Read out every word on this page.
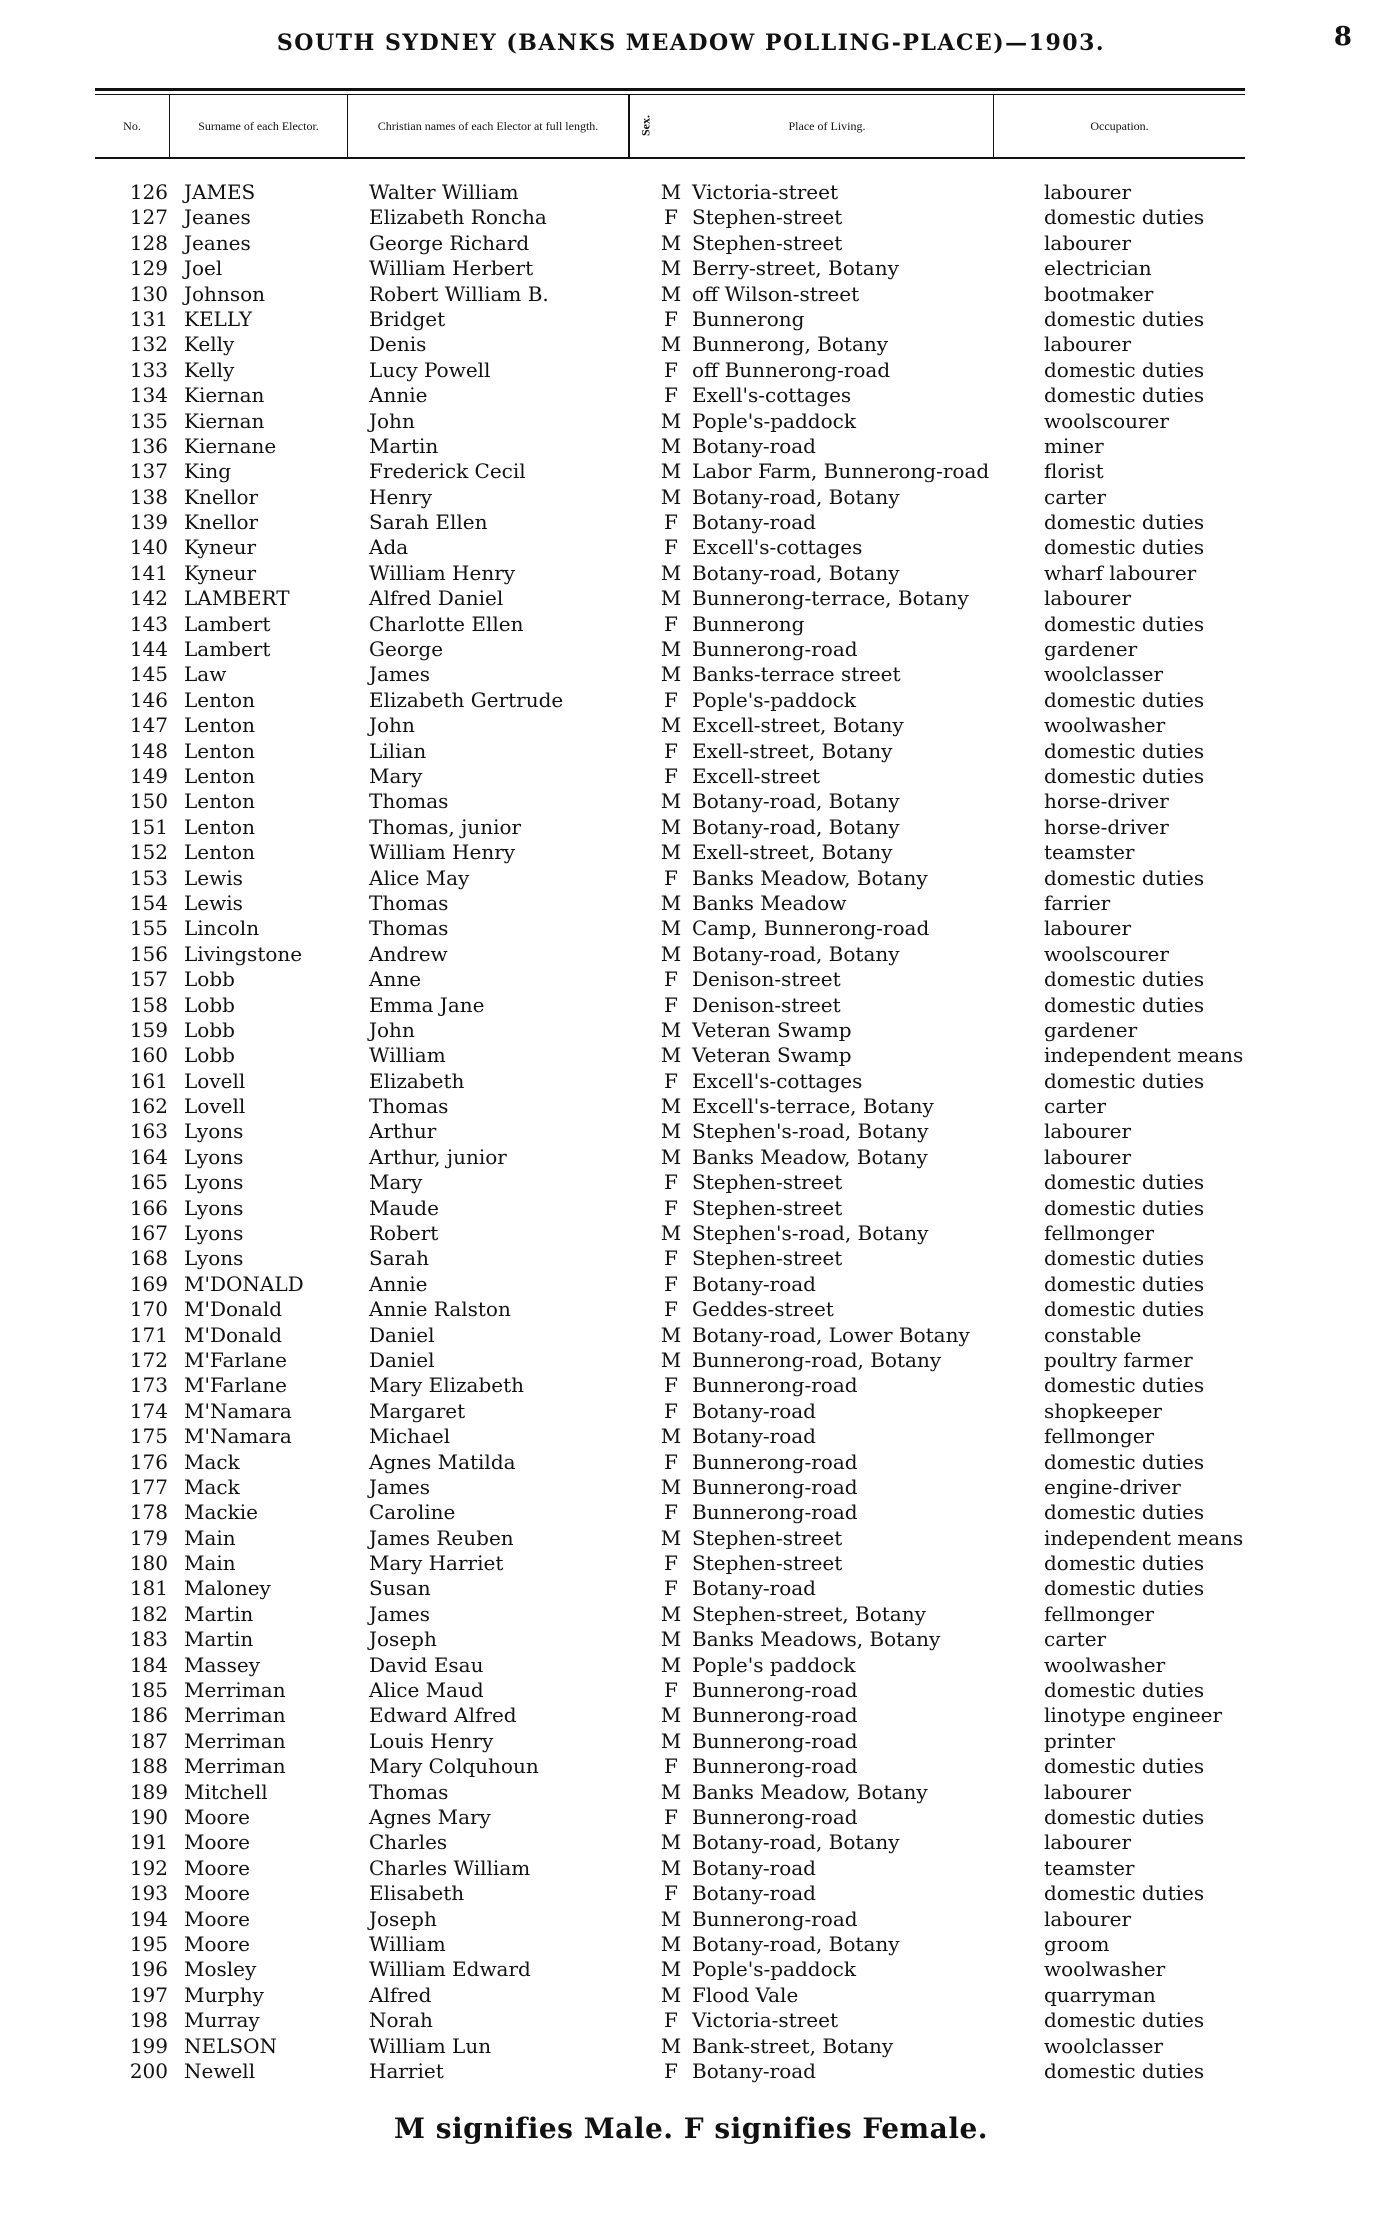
SOUTH SYDNEY (BANKS MEADOW POLLING-PLACE)—1903.	8
No.	Surname of each Elector.	Christian names of each Elector at full length.	Sex.	Place of Living.	Occupation.
126 JAMES	Walter William	M Victoria-street	labourer
127 Jeanes	Elizabeth Roncha	F Stephen-street	domestic duties
128 Jeanes	George Richard	M Stephen-street	labourer
129 Joel	William Herbert	M Berry-street, Botany	electrician
130 Johnson	Robert William B.	M off Wilson-street	bootmaker
131 KELLY	Bridget	F Bunnerong	domestic duties
132 Kelly	Denis	M Bunnerong, Botany	labourer
133 Kelly	Lucy Powell	F off Bunnerong-road	domestic duties
134 Kiernan	Annie	F Exell's-cottages	domestic duties
135 Kiernan	John	M Pople's-paddock	woolscourer
136 Kiernane	Martin	M Botany-road	miner
137 King	Frederick Cecil	M Labor Farm, Bunnerong-road	florist
138 Knellor	Henry	M Botany-road, Botany	carter
139 Knellor	Sarah Ellen	F Botany-road	domestic duties
140 Kyneur	Ada	F Excell's-cottages	domestic duties
141 Kyneur	William Henry	M Botany-road, Botany	wharf labourer
142 LAMBERT	Alfred Daniel	M Bunnerong-terrace, Botany	labourer
143 Lambert	Charlotte Ellen	F Bunnerong	domestic duties
144 Lambert	George	M Bunnerong-road	gardener
145 Law	James	M Banks-terrace street	woolclasser
146 Lenton	Elizabeth Gertrude	F Pople's-paddock	domestic duties
147 Lenton	John	M Excell-street, Botany	woolwasher
148 Lenton	Lilian	F Exell-street, Botany	domestic duties
149 Lenton	Mary	F Excell-street	domestic duties
150 Lenton	Thomas	M Botany-road, Botany	horse-driver
151 Lenton	Thomas, junior	M Botany-road, Botany	horse-driver
152 Lenton	William Henry	M Exell-street, Botany	teamster
153 Lewis	Alice May	F Banks Meadow, Botany	domestic duties
154 Lewis	Thomas	M Banks Meadow	farrier
155 Lincoln	Thomas	M Camp, Bunnerong-road	labourer
156 Livingstone	Andrew	M Botany-road, Botany	woolscourer
157 Lobb	Anne	F Denison-street	domestic duties
158 Lobb	Emma Jane	F Denison-street	domestic duties
159 Lobb	John	M Veteran Swamp	gardener
160 Lobb	William	M Veteran Swamp	independent means
161 Lovell	Elizabeth	F Excell's-cottages	domestic duties
162 Lovell	Thomas	M Excell's-terrace, Botany	carter
163 Lyons	Arthur	M Stephen's-road, Botany	labourer
164 Lyons	Arthur, junior	M Banks Meadow, Botany	labourer
165 Lyons	Mary	F Stephen-street	domestic duties
166 Lyons	Maude	F Stephen-street	domestic duties
167 Lyons	Robert	M Stephen's-road, Botany	fellmonger
168 Lyons	Sarah	F Stephen-street	domestic duties
169 M'DONALD	Annie	F Botany-road	domestic duties
170 M'Donald	Annie Ralston	F Geddes-street	domestic duties
171 M'Donald	Daniel	M Botany-road, Lower Botany	constable
172 M'Farlane	Daniel	M Bunnerong-road, Botany	poultry farmer
173 M'Farlane	Mary Elizabeth	F Bunnerong-road	domestic duties
174 M'Namara	Margaret	F Botany-road	shopkeeper
175 M'Namara	Michael	M Botany-road	fellmonger
176 Mack	Agnes Matilda	F Bunnerong-road	domestic duties
177 Mack	James	M Bunnerong-road	engine-driver
178 Mackie	Caroline	F Bunnerong-road	domestic duties
179 Main	James Reuben	M Stephen-street	independent means
180 Main	Mary Harriet	F Stephen-street	domestic duties
181 Maloney	Susan	F Botany-road	domestic duties
182 Martin	James	M Stephen-street, Botany	fellmonger
183 Martin	Joseph	M Banks Meadows, Botany	carter
184 Massey	David Esau	M Pople's paddock	woolwasher
185 Merriman	Alice Maud	F Bunnerong-road	domestic duties
186 Merriman	Edward Alfred	M Bunnerong-road	linotype engineer
187 Merriman	Louis Henry	M Bunnerong-road	printer
188 Merriman	Mary Colquhoun	F Bunnerong-road	domestic duties
189 Mitchell	Thomas	M Banks Meadow, Botany	labourer
190 Moore	Agnes Mary	F Bunnerong-road	domestic duties
191 Moore	Charles	M Botany-road, Botany	labourer
192 Moore	Charles William	M Botany-road	teamster
193 Moore	Elisabeth	F Botany-road	domestic duties
194 Moore	Joseph	M Bunnerong-road	labourer
195 Moore	William	M Botany-road, Botany	groom
196 Mosley	William Edward	M Pople's-paddock	woolwasher
197 Murphy	Alfred	M Flood Vale	quarryman
198 Murray	Norah	F Victoria-street	domestic duties
199 NELSON	William Lun	M Bank-street, Botany	woolclasser
200 Newell	Harriet	F Botany-road	domestic duties
M signifies Male. F signifies Female.
